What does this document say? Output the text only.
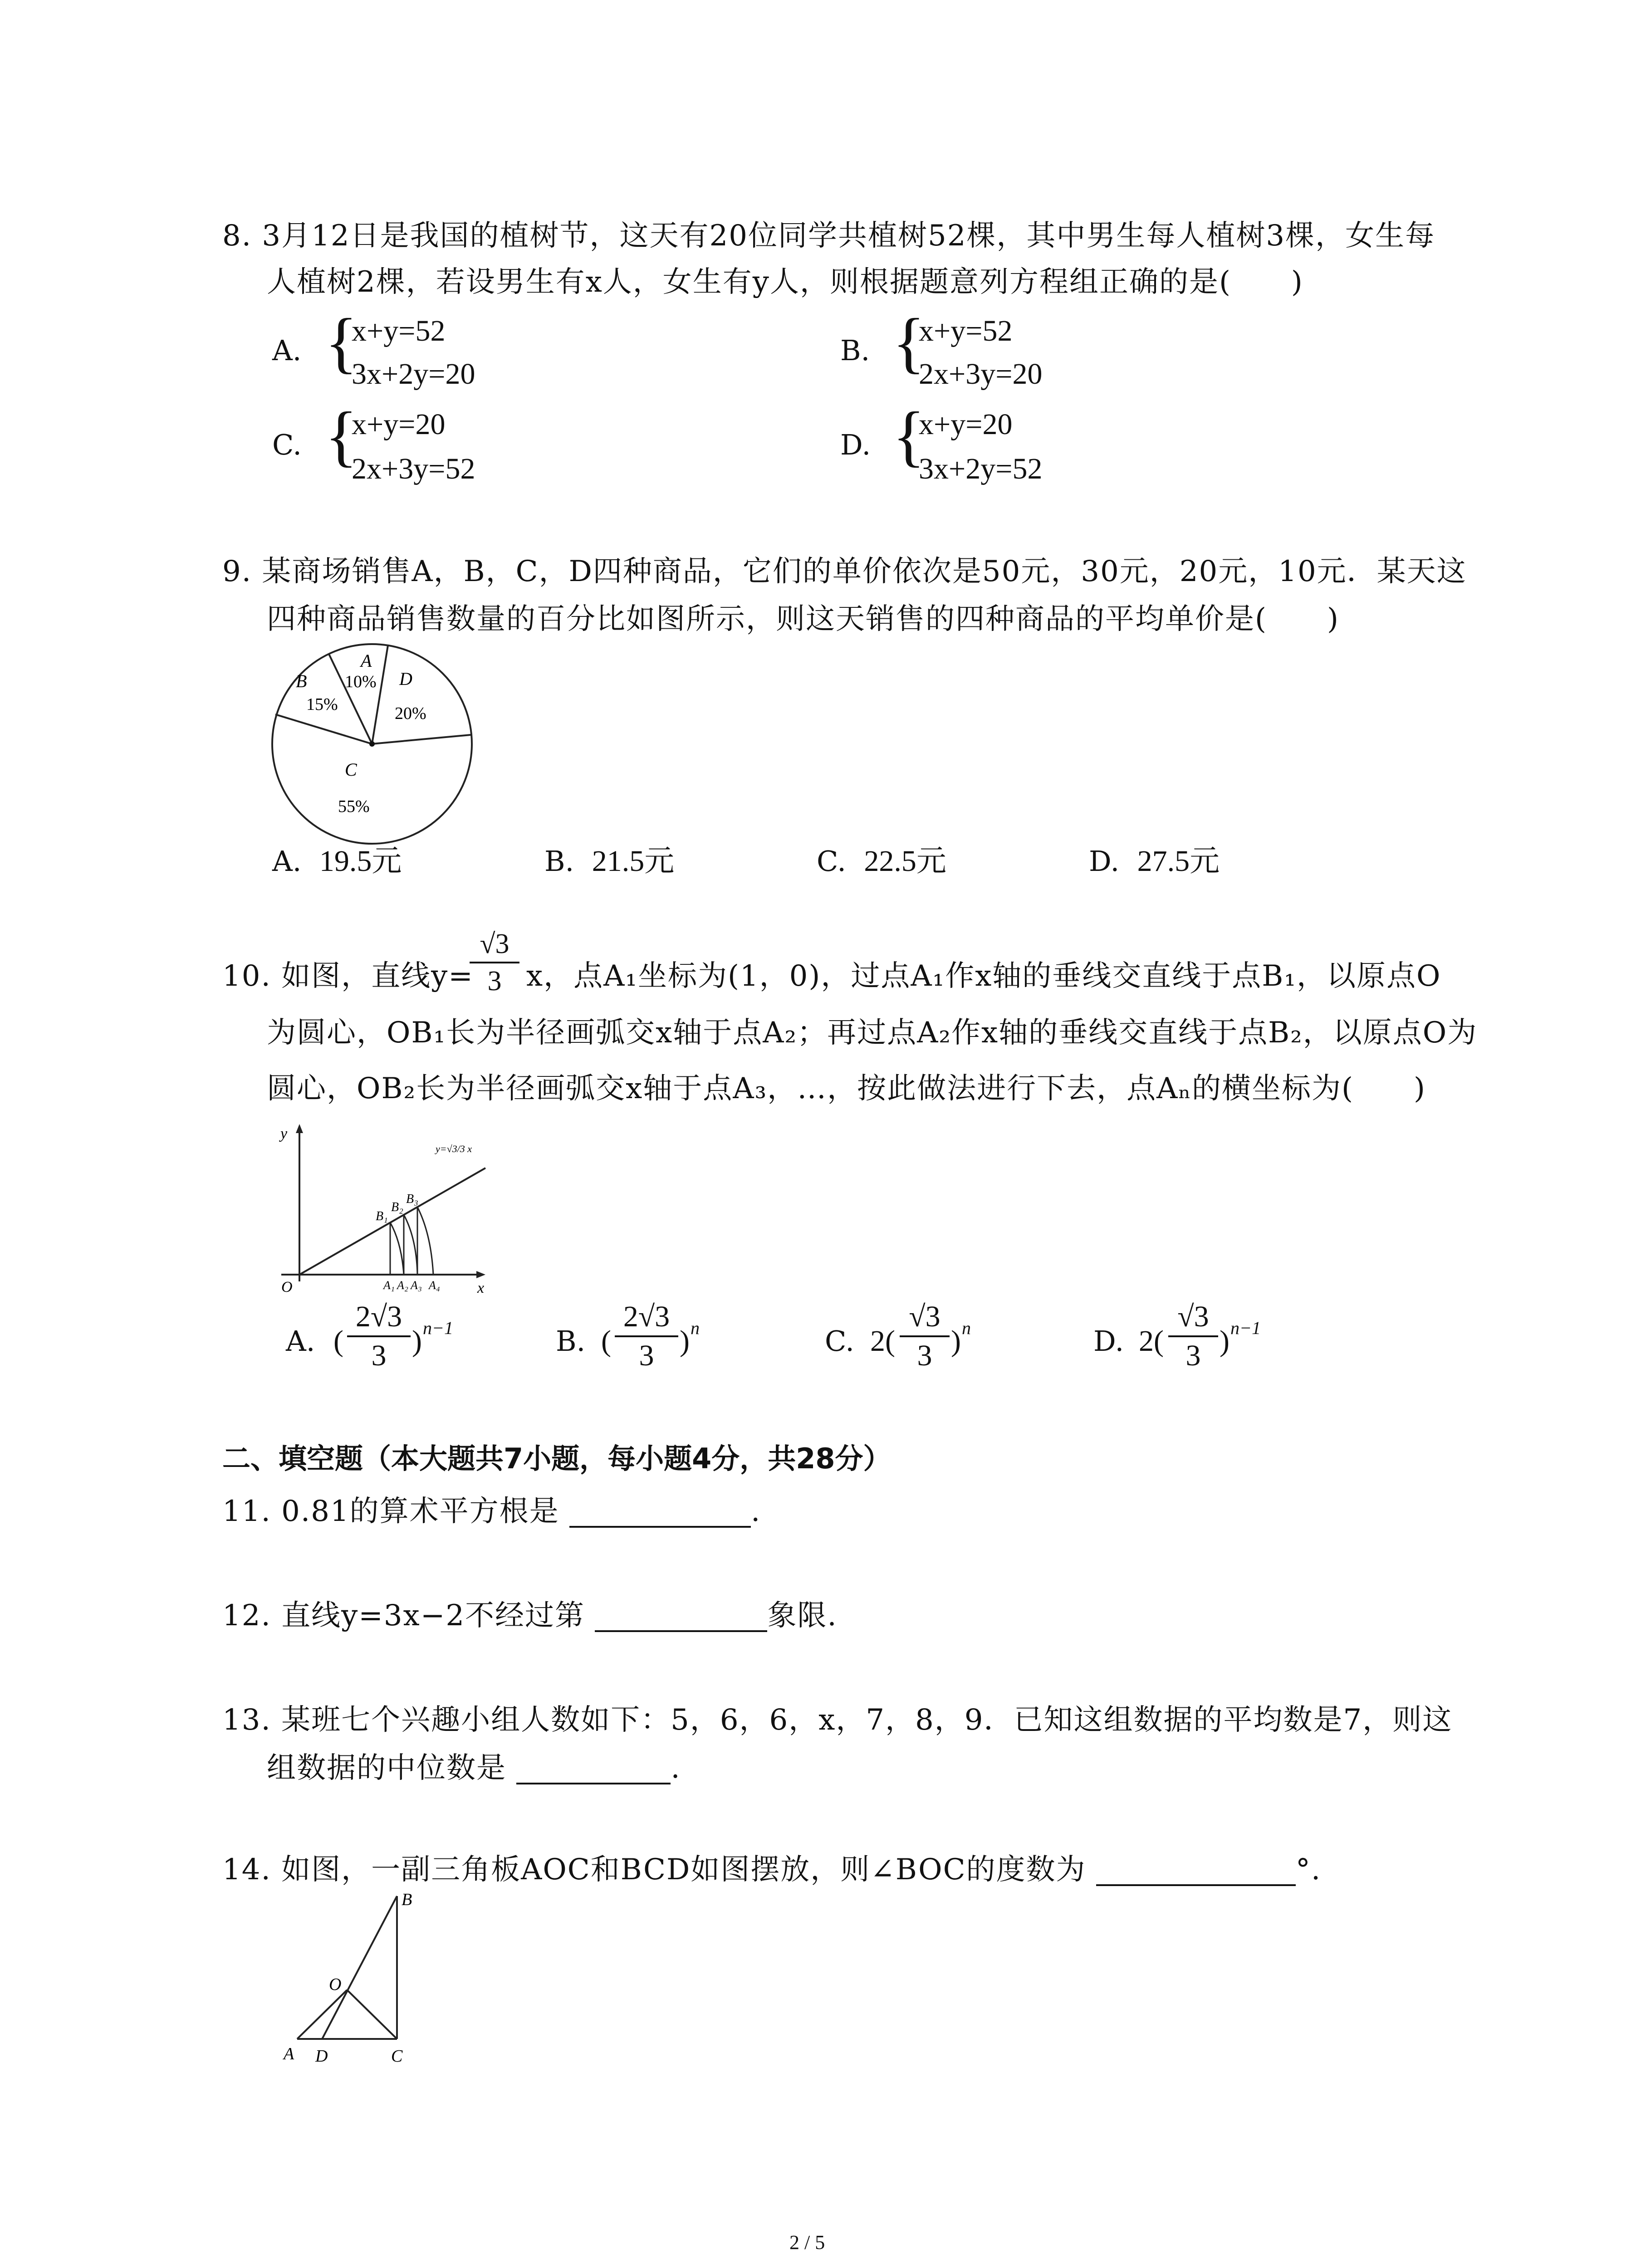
8. 3月12日是我国的植树节，这天有20位同学共植树52棵，其中男生每人植树3棵，女生每
人植树2棵，若设男生有x人，女生有y人，则根据题意列方程组正确的是(　　)
A. {
x+y=52
3x+2y=20
B. {
x+y=52
2x+3y=20
C. {
x+y=20
2x+3y=52
D. {
x+y=20
3x+2y=52
9. 某商场销售A，B，C，D四种商品，它们的单价依次是50元，30元，20元，10元．某天这
四种商品销售数量的百分比如图所示，则这天销售的四种商品的平均单价是(　　)
A
10%
B
15%
D
20%
C
55%
A. 19.5元	B. 21.5元	C. 22.5元	D. 27.5元
10. 如图，直线y=
√3
3 x，点A₁坐标为(1，0)，过点A₁作x轴的垂线交直线于点B₁，以原点O
为圆心，OB₁长为半径画弧交x轴于点A₂；再过点A₂作x轴的垂线交直线于点B₂，以原点O为
圆心，OB₂长为半径画弧交x轴于点A₃，…，按此做法进行下去，点Aₙ的横坐标为(　　)
y
x
O
y=√3/3 x
B₁
B₂
B₃
A₁ A₂ A₃ A₄
A. (
2√3
3 ) n−1	B. (
2√3
3 ) n	C. 2(
√3
3 ) n	D. 2(
√3
3 ) n−1
二、填空题（本大题共7小题，每小题4分，共28分）
11. 0.81的算术平方根是	.
12. 直线y=3x−2不经过第	象限.
13. 某班七个兴趣小组人数如下：5，6，6，x，7，8，9．已知这组数据的平均数是7，则这
组数据的中位数是	.
14. 如图，一副三角板AOC和BCD如图摆放，则∠BOC的度数为	°.
B
O
A D	C
2 / 5
